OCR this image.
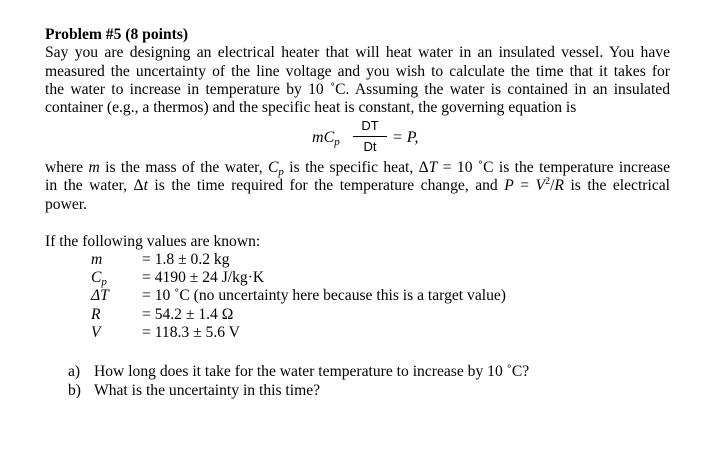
Problem #5 (8 points)
Say you are designing an electrical heater that will heat water in an insulated vessel. You have
measured the uncertainty of the line voltage and you wish to calculate the time that it takes for
the water to increase in temperature by 10 ˚C. Assuming the water is contained in an insulated
container (e.g., a thermos) and the specific heat is constant, the governing equation is
$mC_p$
DT
Dt
= P,
where m is the mass of the water, $C_p$ is the specific heat, ΔT = 10 ˚C is the temperature increase
in the water, Δt is the time required for the temperature change, and $P = V^2/R$ is the electrical
power.
If the following values are known:
m	= 1.8 ± 0.2 kg
$C_p = 4190 \pm 24$ J/kg·K
ΔT = 10 ˚C (no uncertainty here because this is a target value)
R	= 54.2 ± 1.4 Ω
V	= 118.3 ± 5.6 V
a) How long does it take for the water temperature to increase by 10 ˚C?
b) What is the uncertainty in this time?
